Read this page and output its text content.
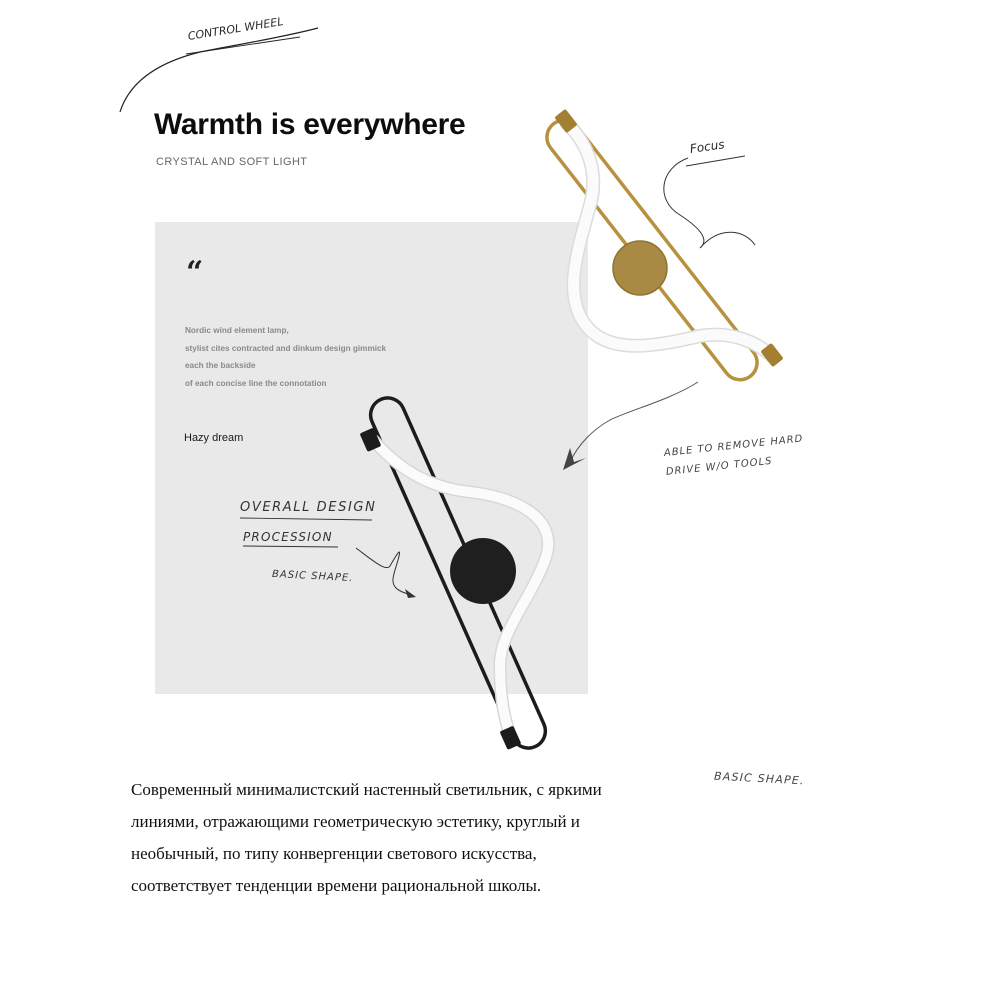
Warmth is everywhere
CRYSTAL AND SOFT LIGHT
“
Nordic wind element lamp,
stylist cites contracted and dinkum design gimmick
each the backside
of each concise line the connotation
Hazy dream
CONTROL WHEEL
Focus
ABLE TO REMOVE HARD
DRIVE W/O TOOLS
OVERALL DESIGN
PROCESSION
BASIC SHAPE.
BASIC SHAPE.
Современный минималистский настенный светильник, с яркими
линиями, отражающими геометрическую эстетику, круглый и
необычный, по типу конвергенции светового искусства,
соответствует тенденции времени рациональной школы.
